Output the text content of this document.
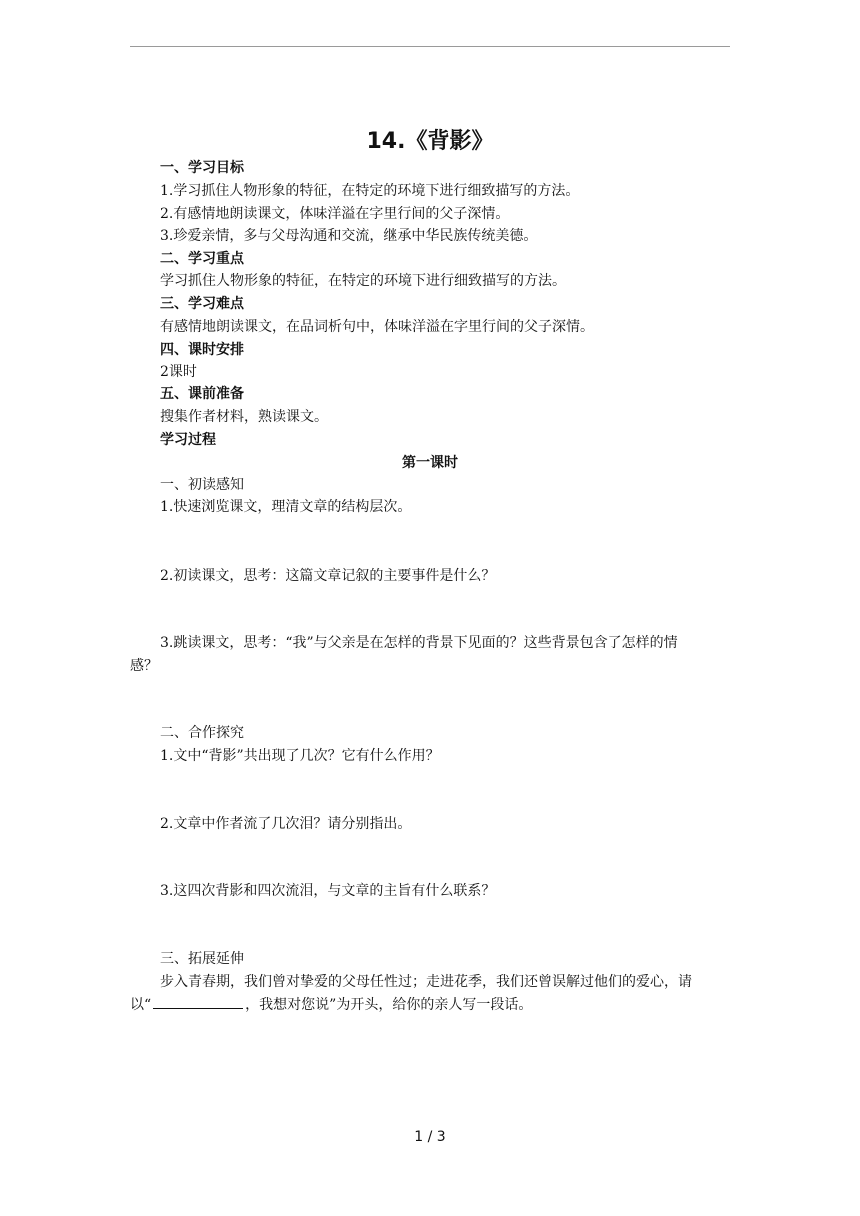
14.《背影》
一、学习目标
1.学习抓住人物形象的特征，在特定的环境下进行细致描写的方法。
2.有感情地朗读课文，体味洋溢在字里行间的父子深情。
3.珍爱亲情，多与父母沟通和交流，继承中华民族传统美德。
二、学习重点
学习抓住人物形象的特征，在特定的环境下进行细致描写的方法。
三、学习难点
有感情地朗读课文，在品词析句中，体味洋溢在字里行间的父子深情。
四、课时安排
2课时
五、课前准备
搜集作者材料，熟读课文。
学习过程
第一课时
一、初读感知
1.快速浏览课文，理清文章的结构层次。
2.初读课文，思考：这篇文章记叙的主要事件是什么？
3.跳读课文，思考：“我”与父亲是在怎样的背景下见面的？这些背景包含了怎样的情
感？
二、合作探究
1.文中“背影”共出现了几次？它有什么作用？
2.文章中作者流了几次泪？请分别指出。
3.这四次背影和四次流泪，与文章的主旨有什么联系？
三、拓展延伸
步入青春期，我们曾对挚爱的父母任性过；走进花季，我们还曾误解过他们的爱心，请
以“	，我想对您说”为开头，给你的亲人写一段话。
1 / 3
